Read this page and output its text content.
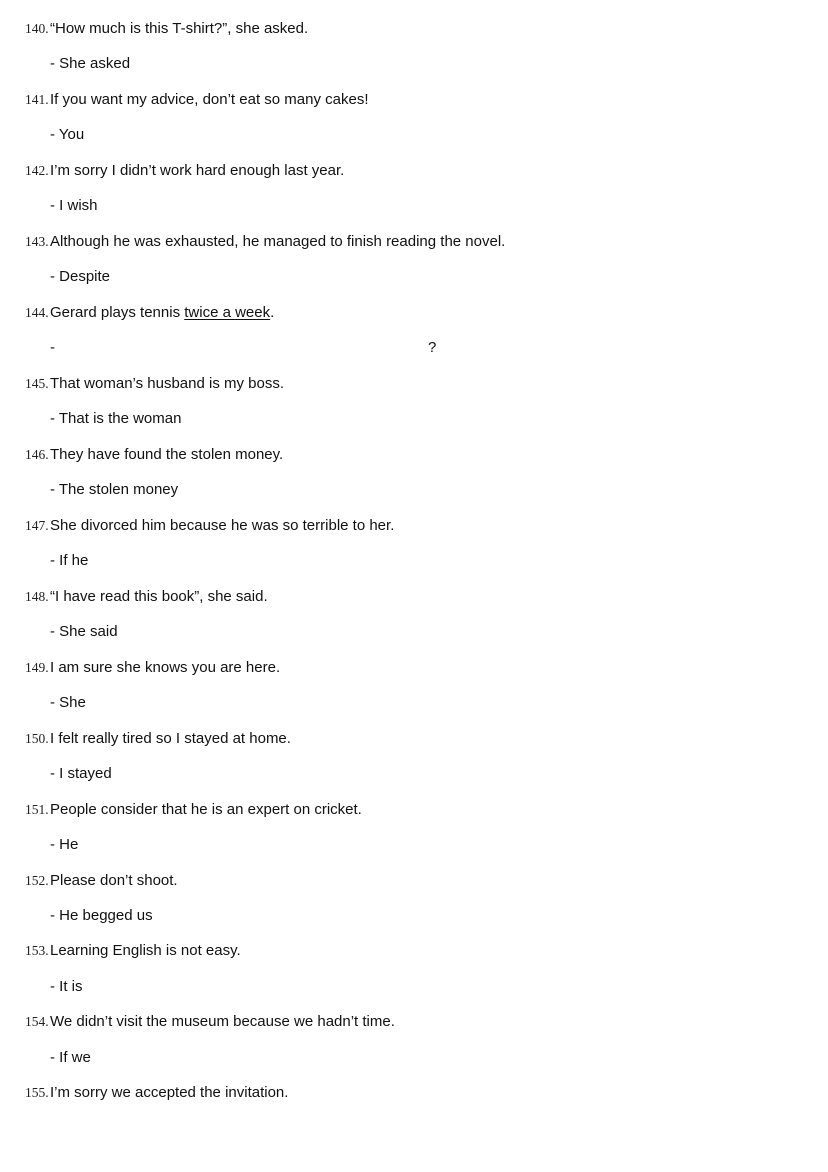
140. “How much is this T-shirt?”, she asked.
- She asked
141. If you want my advice, don’t eat so many cakes!
- You
142. I’m sorry I didn’t work hard enough last year.
- I wish
143. Although he was exhausted, he managed to finish reading the novel.
- Despite
144. Gerard plays tennis twice a week.
-	?
145. That woman’s husband is my boss.
- That is the woman
146. They have found the stolen money.
- The stolen money
147. She divorced him because he was so terrible to her.
- If he
148. “I have read this book”, she said.
- She said
149. I am sure she knows you are here.
- She
150. I felt really tired so I stayed at home.
- I stayed
151. People consider that he is an expert on cricket.
- He
152. Please don’t shoot.
- He begged us
153. Learning English is not easy.
- It is
154. We didn’t visit the museum because we hadn’t time.
- If we
155. I’m sorry we accepted the invitation.
